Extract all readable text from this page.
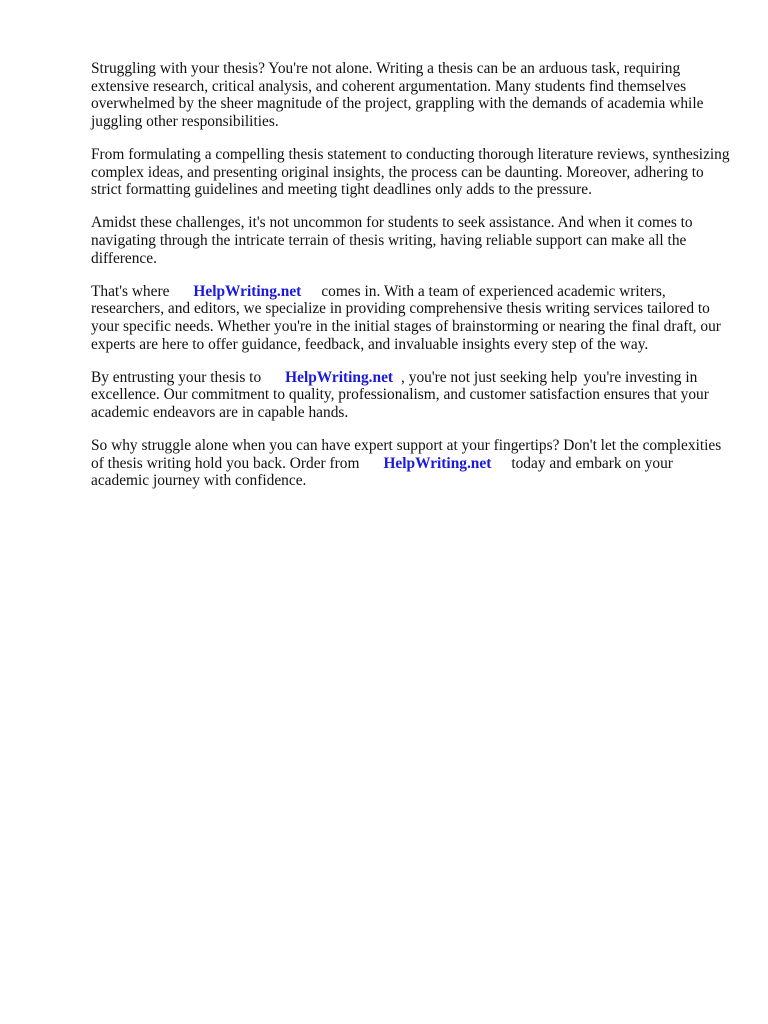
Struggling with your thesis? You're not alone. Writing a thesis can be an arduous task, requiring extensive research, critical analysis, and coherent argumentation. Many students find themselves overwhelmed by the sheer magnitude of the project, grappling with the demands of academia while juggling other responsibilities.

From formulating a compelling thesis statement to conducting thorough literature reviews, synthesizing complex ideas, and presenting original insights, the process can be daunting. Moreover, adhering to strict formatting guidelines and meeting tight deadlines only adds to the pressure.

Amidst these challenges, it's not uncommon for students to seek assistance. And when it comes to navigating through the intricate terrain of thesis writing, having reliable support can make all the difference.

That's where HelpWriting.net comes in. With a team of experienced academic writers, researchers, and editors, we specialize in providing comprehensive thesis writing services tailored to your specific needs. Whether you're in the initial stages of brainstorming or nearing the final draft, our experts are here to offer guidance, feedback, and invaluable insights every step of the way.

By entrusting your thesis to HelpWriting.net , you're not just seeking help you're investing in excellence. Our commitment to quality, professionalism, and customer satisfaction ensures that your academic endeavors are in capable hands.

So why struggle alone when you can have expert support at your fingertips? Don't let the complexities of thesis writing hold you back. Order from HelpWriting.net today and embark on your academic journey with confidence.
